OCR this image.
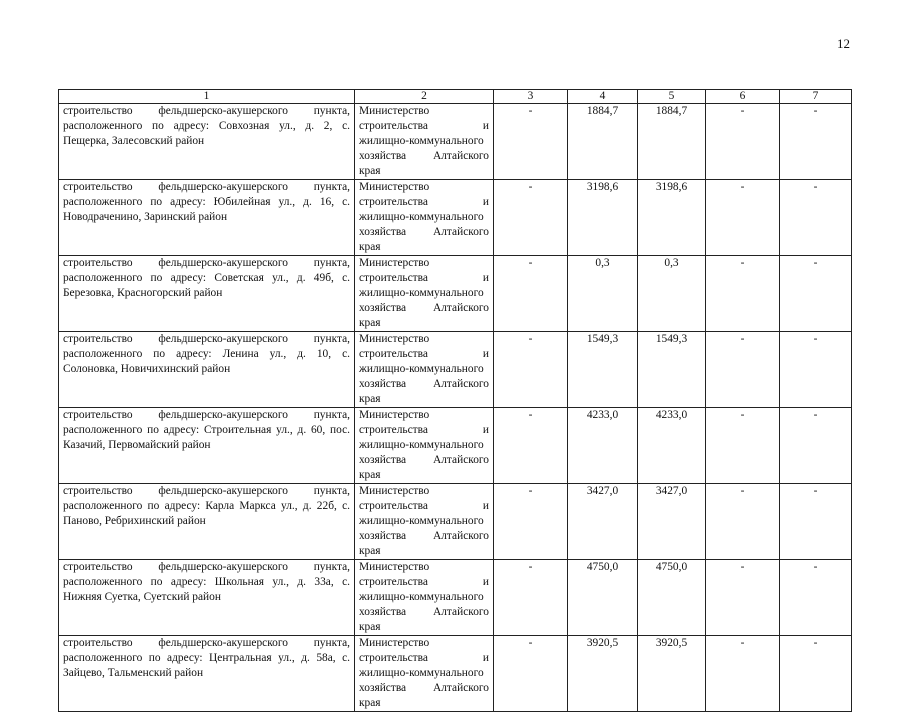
12
1	2	3	4	5	6	7
строительство фельдшерско-акушерского пункта, расположенного по адресу: Совхозная ул., д. 2, с. Пещерка, Залесовский район	Министерство строительства и жилищно-коммунального хозяйства Алтайского края	-	1884,7	1884,7	-	-
строительство фельдшерско-акушерского пункта, расположенного по адресу: Юбилейная ул., д. 16, с. Новодраченино, Заринский район	Министерство строительства и жилищно-коммунального хозяйства Алтайского края	-	3198,6	3198,6	-	-
строительство фельдшерско-акушерского пункта, расположенного по адресу: Советская ул., д. 49б, с. Березовка, Красногорский район	Министерство строительства и жилищно-коммунального хозяйства Алтайского края	-	0,3	0,3	-	-
строительство фельдшерско-акушерского пункта, расположенного по адресу: Ленина ул., д. 10, с. Солоновка, Новичихинский район	Министерство строительства и жилищно-коммунального хозяйства Алтайского края	-	1549,3	1549,3	-	-
строительство фельдшерско-акушерского пункта, расположенного по адресу: Строительная ул., д. 60, пос. Казачий, Первомайский район	Министерство строительства и жилищно-коммунального хозяйства Алтайского края	-	4233,0	4233,0	-	-
строительство фельдшерско-акушерского пункта, расположенного по адресу: Карла Маркса ул., д. 22б, с. Паново, Ребрихинский район	Министерство строительства и жилищно-коммунального хозяйства Алтайского края	-	3427,0	3427,0	-	-
строительство фельдшерско-акушерского пункта, расположенного по адресу: Школьная ул., д. 33а, с. Нижняя Суетка, Суетский район	Министерство строительства и жилищно-коммунального хозяйства Алтайского края	-	4750,0	4750,0	-	-
строительство фельдшерско-акушерского пункта, расположенного по адресу: Центральная ул., д. 58а, с. Зайцево, Тальменский район	Министерство строительства и жилищно-коммунального хозяйства Алтайского края	-	3920,5	3920,5	-	-
